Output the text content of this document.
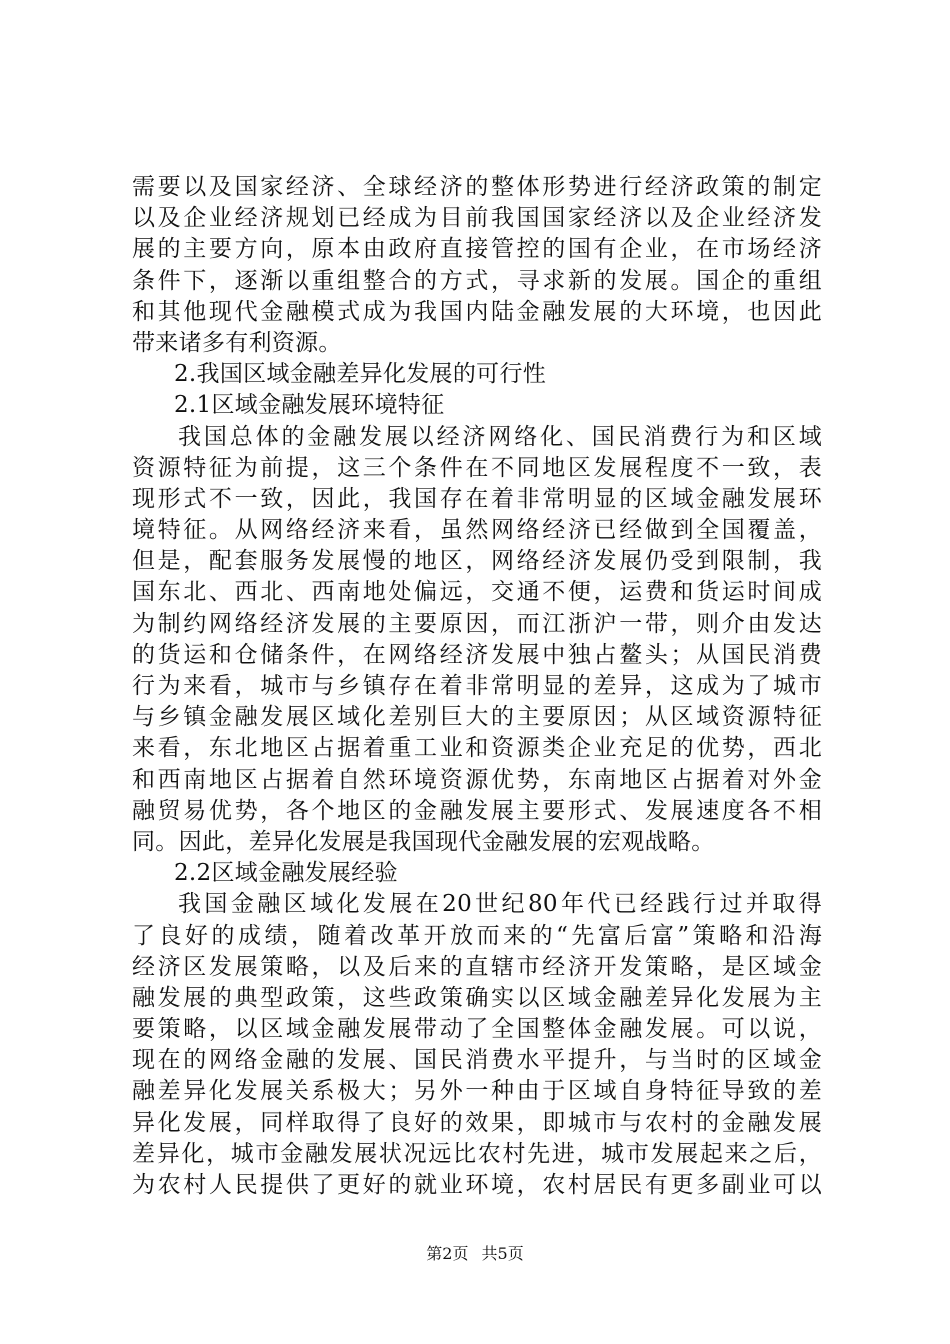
需要以及国家经济、全球经济的整体形势进行经济政策的制定
以及企业经济规划已经成为目前我国国家经济以及企业经济发
展的主要方向，原本由政府直接管控的国有企业，在市场经济
条件下，逐渐以重组整合的方式，寻求新的发展。国企的重组
和其他现代金融模式成为我国内陆金融发展的大环境，也因此
带来诸多有利资源。
2.我国区域金融差异化发展的可行性
2.1区域金融发展环境特征
我国总体的金融发展以经济网络化、国民消费行为和区域
资源特征为前提，这三个条件在不同地区发展程度不一致，表
现形式不一致，因此，我国存在着非常明显的区域金融发展环
境特征。从网络经济来看，虽然网络经济已经做到全国覆盖，
但是，配套服务发展慢的地区，网络经济发展仍受到限制，我
国东北、西北、西南地处偏远，交通不便，运费和货运时间成
为制约网络经济发展的主要原因，而江浙沪一带，则介由发达
的货运和仓储条件，在网络经济发展中独占鳌头；从国民消费
行为来看，城市与乡镇存在着非常明显的差异，这成为了城市
与乡镇金融发展区域化差别巨大的主要原因；从区域资源特征
来看，东北地区占据着重工业和资源类企业充足的优势，西北
和西南地区占据着自然环境资源优势，东南地区占据着对外金
融贸易优势，各个地区的金融发展主要形式、发展速度各不相
同。因此，差异化发展是我国现代金融发展的宏观战略。
2.2区域金融发展经验
我国金融区域化发展在20世纪80年代已经践行过并取得
了良好的成绩，随着改革开放而来的“先富后富”策略和沿海
经济区发展策略，以及后来的直辖市经济开发策略，是区域金
融发展的典型政策，这些政策确实以区域金融差异化发展为主
要策略，以区域金融发展带动了全国整体金融发展。可以说，
现在的网络金融的发展、国民消费水平提升，与当时的区域金
融差异化发展关系极大；另外一种由于区域自身特征导致的差
异化发展，同样取得了良好的效果，即城市与农村的金融发展
差异化，城市金融发展状况远比农村先进，城市发展起来之后，
为农村人民提供了更好的就业环境，农村居民有更多副业可以
第2页 共5页
